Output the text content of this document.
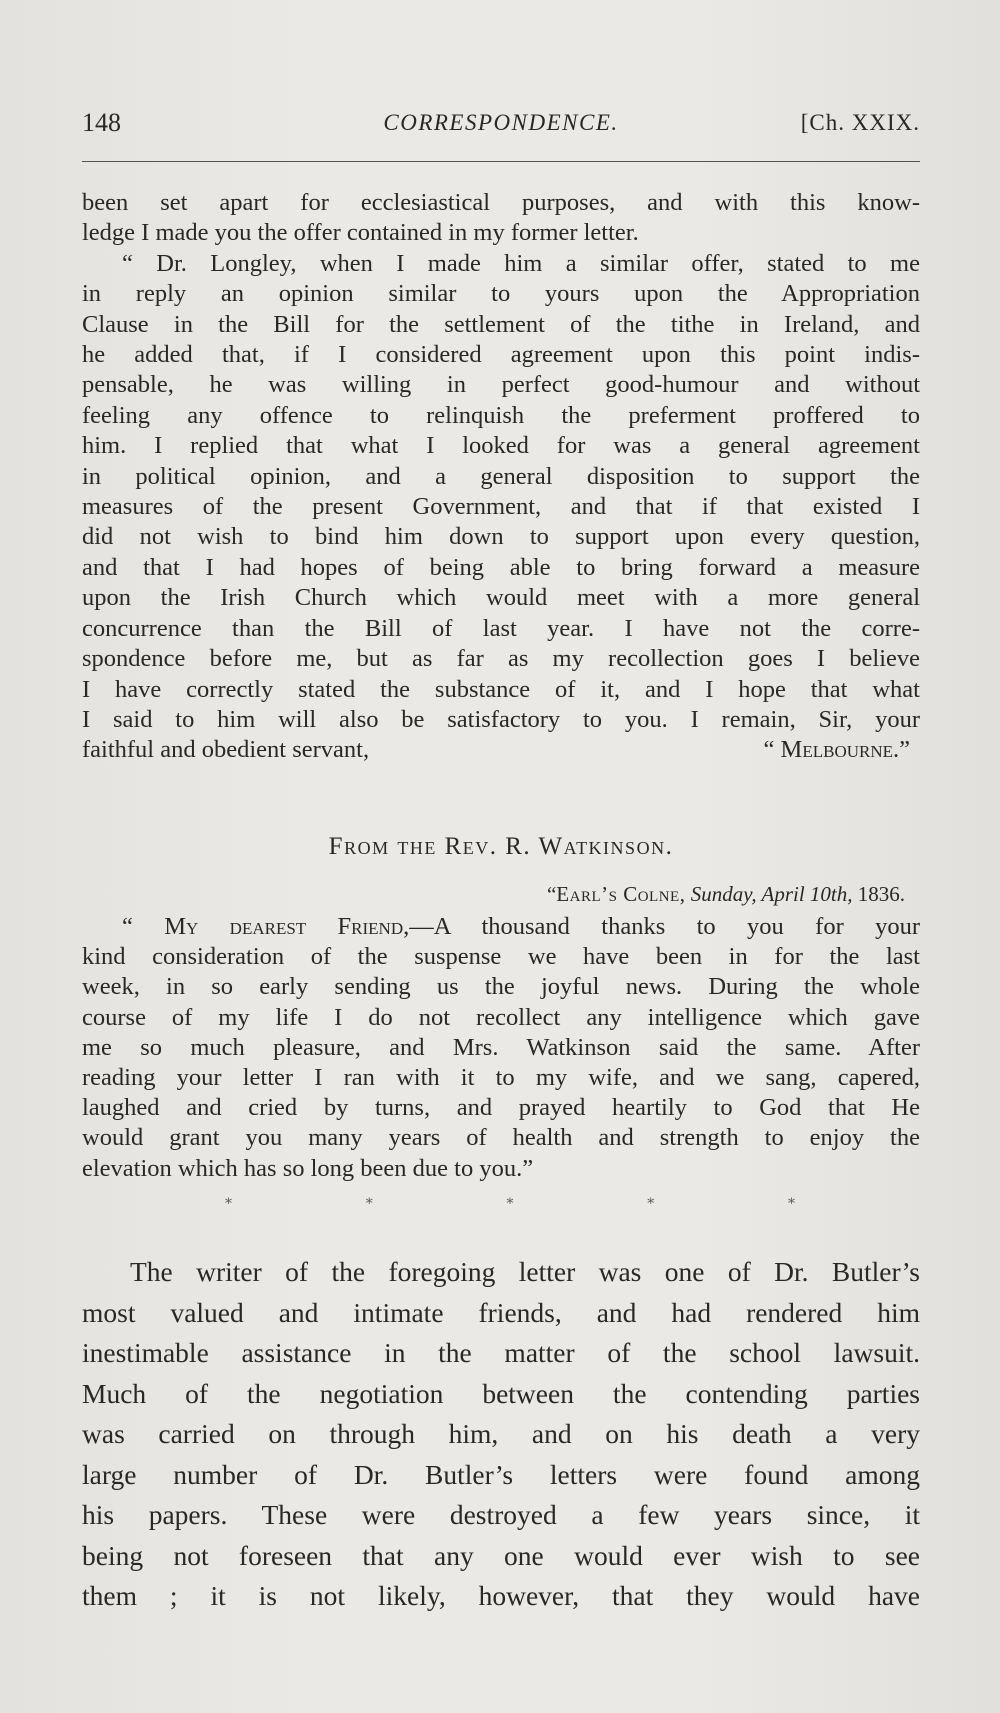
148	CORRESPONDENCE.	[Ch. XXIX.
been set apart for ecclesiastical purposes, and with this know-
ledge I made you the offer contained in my former letter.
“ Dr. Longley, when I made him a similar offer, stated to me
in reply an opinion similar to yours upon the Appropriation
Clause in the Bill for the settlement of the tithe in Ireland, and
he added that, if I considered agreement upon this point indis-
pensable, he was willing in perfect good-humour and without
feeling any offence to relinquish the preferment proffered to
him. I replied that what I looked for was a general agreement
in political opinion, and a general disposition to support the
measures of the present Government, and that if that existed I
did not wish to bind him down to support upon every question,
and that I had hopes of being able to bring forward a measure
upon the Irish Church which would meet with a more general
concurrence than the Bill of last year. I have not the corre-
spondence before me, but as far as my recollection goes I believe
I have correctly stated the substance of it, and I hope that what
I said to him will also be satisfactory to you. I remain, Sir, your
faithful and obedient servant,	“ Melbourne.”
From the Rev. R. Watkinson.
“Earl’s Colne, Sunday, April 10th, 1836.
“ My dearest Friend,—A thousand thanks to you for your
kind consideration of the suspense we have been in for the last
week, in so early sending us the joyful news. During the whole
course of my life I do not recollect any intelligence which gave
me so much pleasure, and Mrs. Watkinson said the same. After
reading your letter I ran with it to my wife, and we sang, capered,
laughed and cried by turns, and prayed heartily to God that He
would grant you many years of health and strength to enjoy the
elevation which has so long been due to you.”
*	*	*	*	*
The writer of the foregoing letter was one of Dr. Butler’s
most valued and intimate friends, and had rendered him
inestimable assistance in the matter of the school lawsuit.
Much of the negotiation between the contending parties
was carried on through him, and on his death a very
large number of Dr. Butler’s letters were found among
his papers. These were destroyed a few years since, it
being not foreseen that any one would ever wish to see
them ; it is not likely, however, that they would have
